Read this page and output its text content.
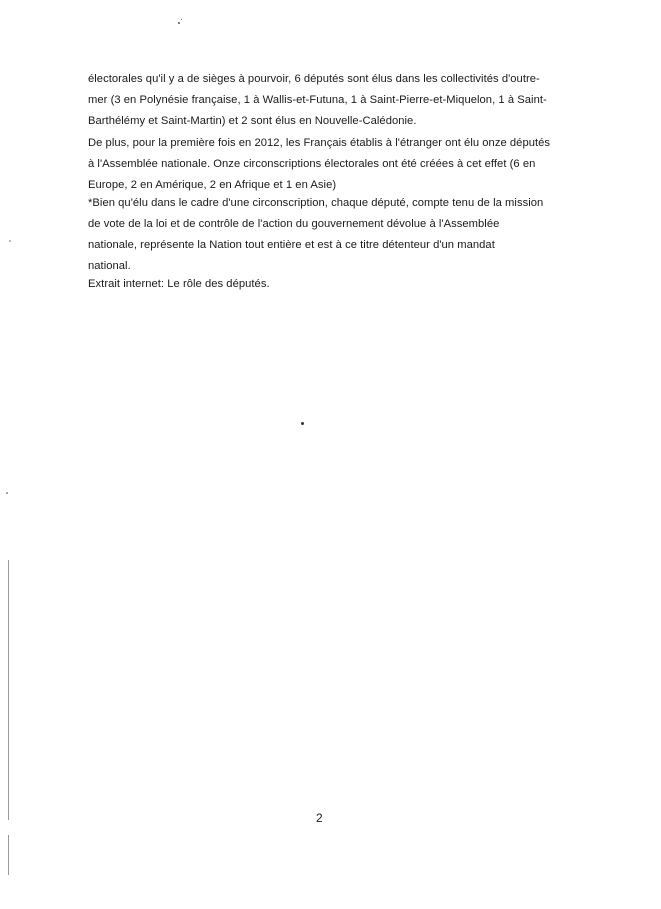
électorales qu'il y a de sièges à pourvoir, 6 députés sont élus dans les collectivités d'outre-
mer (3 en Polynésie française, 1 à Wallis-et-Futuna, 1 à Saint-Pierre-et-Miquelon, 1 à Saint-
Barthélémy et Saint-Martin) et 2 sont élus en Nouvelle-Calédonie.
De plus, pour la première fois en 2012, les Français établis à l'étranger ont élu onze députés
à l'Assemblée nationale. Onze circonscriptions électorales ont été créées à cet effet (6 en
Europe, 2 en Amérique, 2 en Afrique et 1 en Asie)
*Bien qu'élu dans le cadre d'une circonscription, chaque député, compte tenu de la mission
de vote de la loi et de contrôle de l'action du gouvernement dévolue à l'Assemblée
nationale, représente la Nation tout entière et est à ce titre détenteur d'un mandat
national.
Extrait internet: Le rôle des députés.
2
